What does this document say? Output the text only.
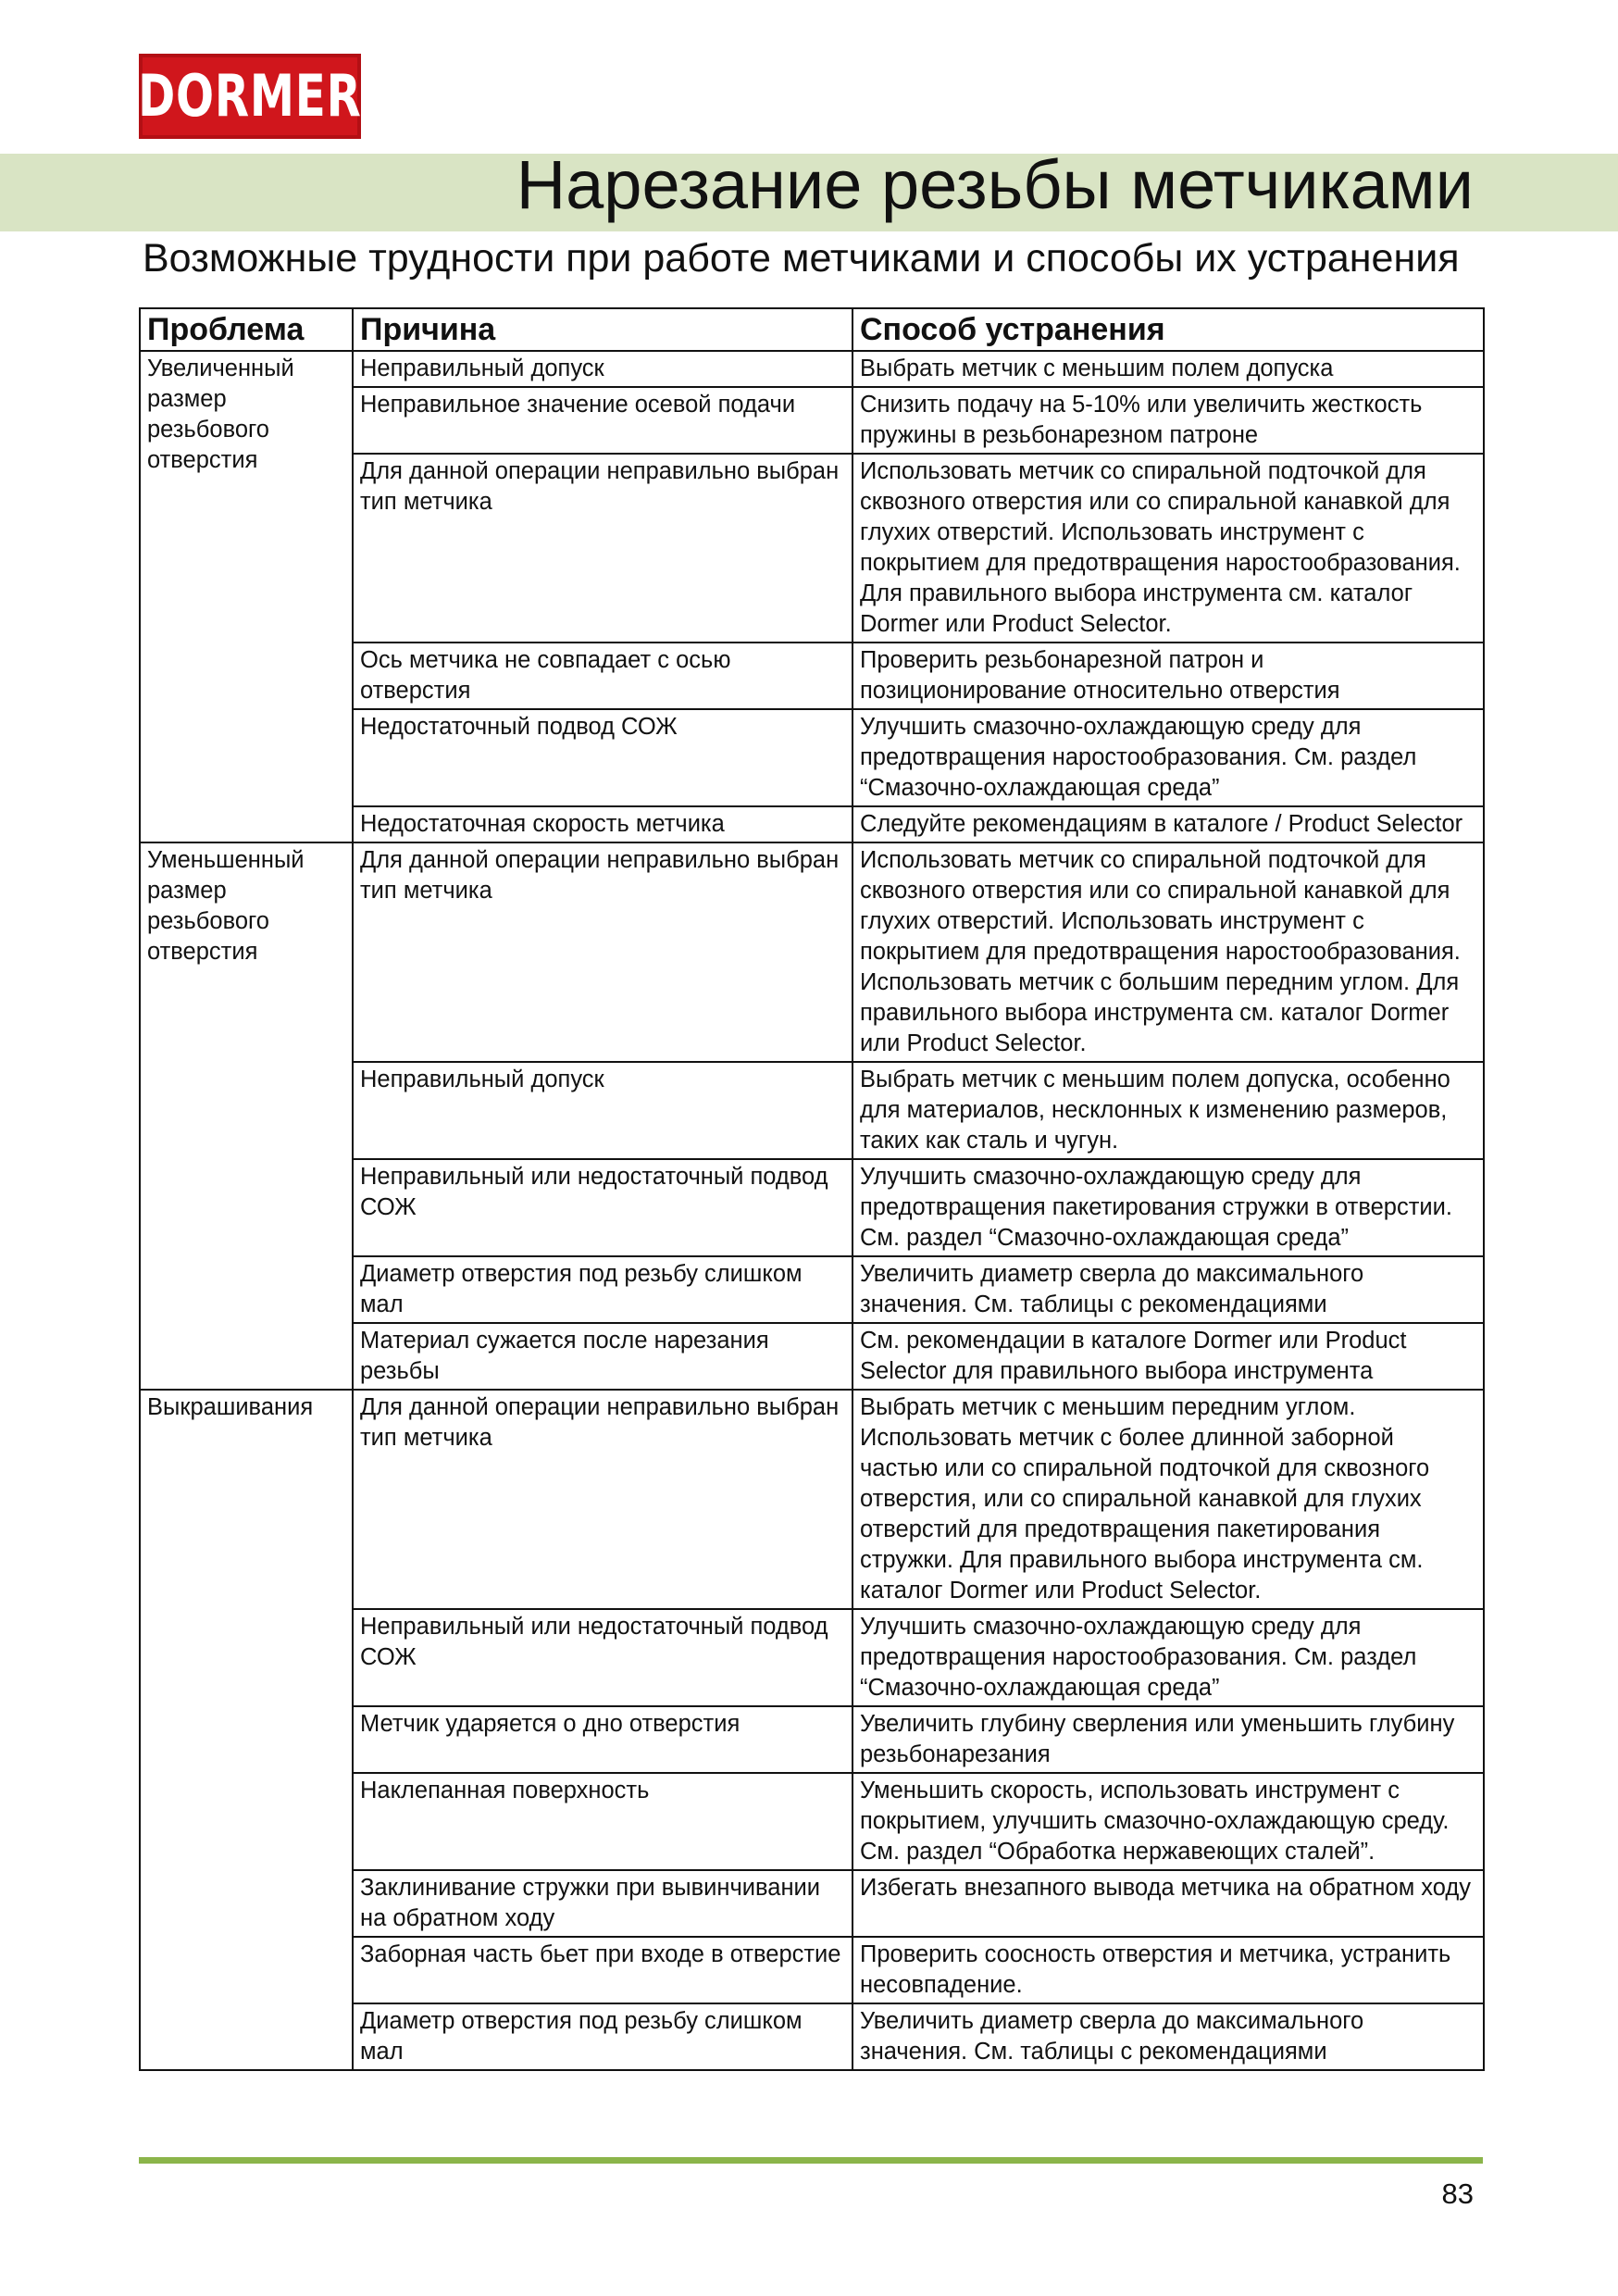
DORMER
Нарезание резьбы метчиками
Возможные трудности при работе метчиками и способы их устранения
Проблема	Причина	Способ устранения
Увеличенный размер резьбового отверстия	Неправильный допуск	Выбрать метчик с меньшим полем допуска
	Неправильное значение осевой подачи	Снизить подачу на 5-10% или увеличить жесткость пружины в резьбонарезном патроне
	Для данной операции неправильно выбран тип метчика	Использовать метчик со спиральной подточкой для сквозного отверстия или со спиральной канавкой для глухих отверстий. Использовать инструмент с покрытием для предотвращения наростообразования. Для правильного выбора инструмента см. каталог Dormer или Product Selector.
	Ось метчика не совпадает с осью отверстия	Проверить резьбонарезной патрон и позиционирование относительно отверстия
	Недостаточный подвод СОЖ	Улучшить смазочно-охлаждающую среду для предотвращения наростообразования. См. раздел “Смазочно-охлаждающая среда”
	Недостаточная скорость метчика	Следуйте рекомендациям в каталоге / Product Selector
Уменьшенный размер резьбового отверстия	Для данной операции неправильно выбран тип метчика	Использовать метчик со спиральной подточкой для сквозного отверстия или со спиральной канавкой для глухих отверстий. Использовать инструмент с покрытием для предотвращения наростообразования. Использовать метчик с большим передним углом. Для правильного выбора инструмента см. каталог Dormer или Product Selector.
	Неправильный допуск	Выбрать метчик с меньшим полем допуска, особенно для материалов, несклонных к изменению размеров, таких как сталь и чугун.
	Неправильный или недостаточный подвод СОЖ	Улучшить смазочно-охлаждающую среду для предотвращения пакетирования стружки в отверстии. См. раздел “Смазочно-охлаждающая среда”
	Диаметр отверстия под резьбу слишком мал	Увеличить диаметр сверла до максимального значения. См. таблицы с рекомендациями
	Материал сужается после нарезания резьбы	См. рекомендации в каталоге Dormer или Product Selector для правильного выбора инструмента
Выкрашивания	Для данной операции неправильно выбран тип метчика	Выбрать метчик с меньшим передним углом. Использовать метчик с более длинной заборной частью или со спиральной подточкой для сквозного отверстия, или со спиральной канавкой для глухих отверстий для предотвращения пакетирования стружки. Для правильного выбора инструмента см. каталог Dormer или Product Selector.
	Неправильный или недостаточный подвод СОЖ	Улучшить смазочно-охлаждающую среду для предотвращения наростообразования. См. раздел “Смазочно-охлаждающая среда”
	Метчик ударяется о дно отверстия	Увеличить глубину сверления или уменьшить глубину резьбонарезания
	Наклепанная поверхность	Уменьшить скорость, использовать инструмент с покрытием, улучшить смазочно-охлаждающую среду. См. раздел “Обработка нержавеющих сталей”.
	Заклинивание стружки при вывинчивании на обратном ходу	Избегать внезапного вывода метчика на обратном ходу
	Заборная часть бьет при входе в отверстие	Проверить соосность отверстия и метчика, устранить несовпадение.
	Диаметр отверстия под резьбу слишком мал	Увеличить диаметр сверла до максимального значения. См. таблицы с рекомендациями
83
